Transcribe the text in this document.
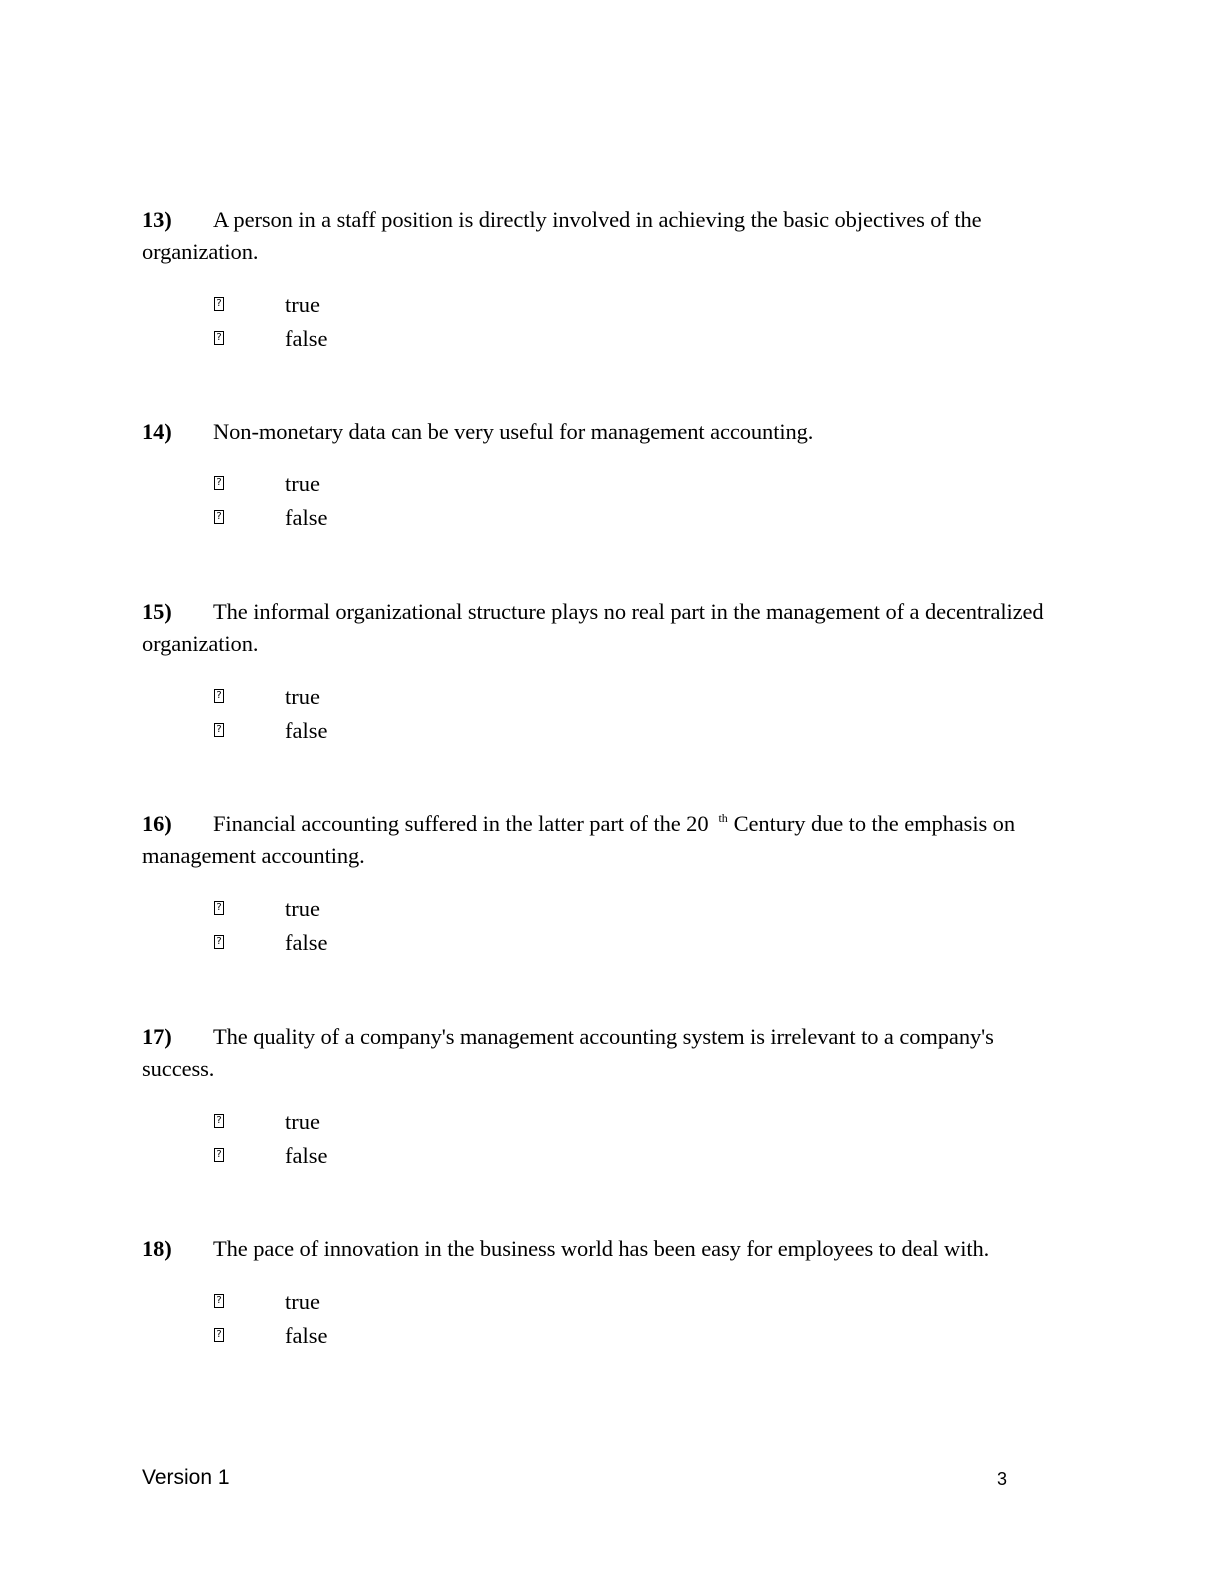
13) A person in a staff position is directly involved in achieving the basic objectives of the organization.

?	true
?	false

14) Non-monetary data can be very useful for management accounting.

?	true
?	false

15) The informal organizational structure plays no real part in the management of a decentralized organization.

?	true
?	false

16) Financial accounting suffered in the latter part of the 20 $^{th}$ Century due to the emphasis on management accounting.

?	true
?	false

17) The quality of a company's management accounting system is irrelevant to a company's success.

?	true
?	false

18) The pace of innovation in the business world has been easy for employees to deal with.

?	true
?	false
Version 1	3
